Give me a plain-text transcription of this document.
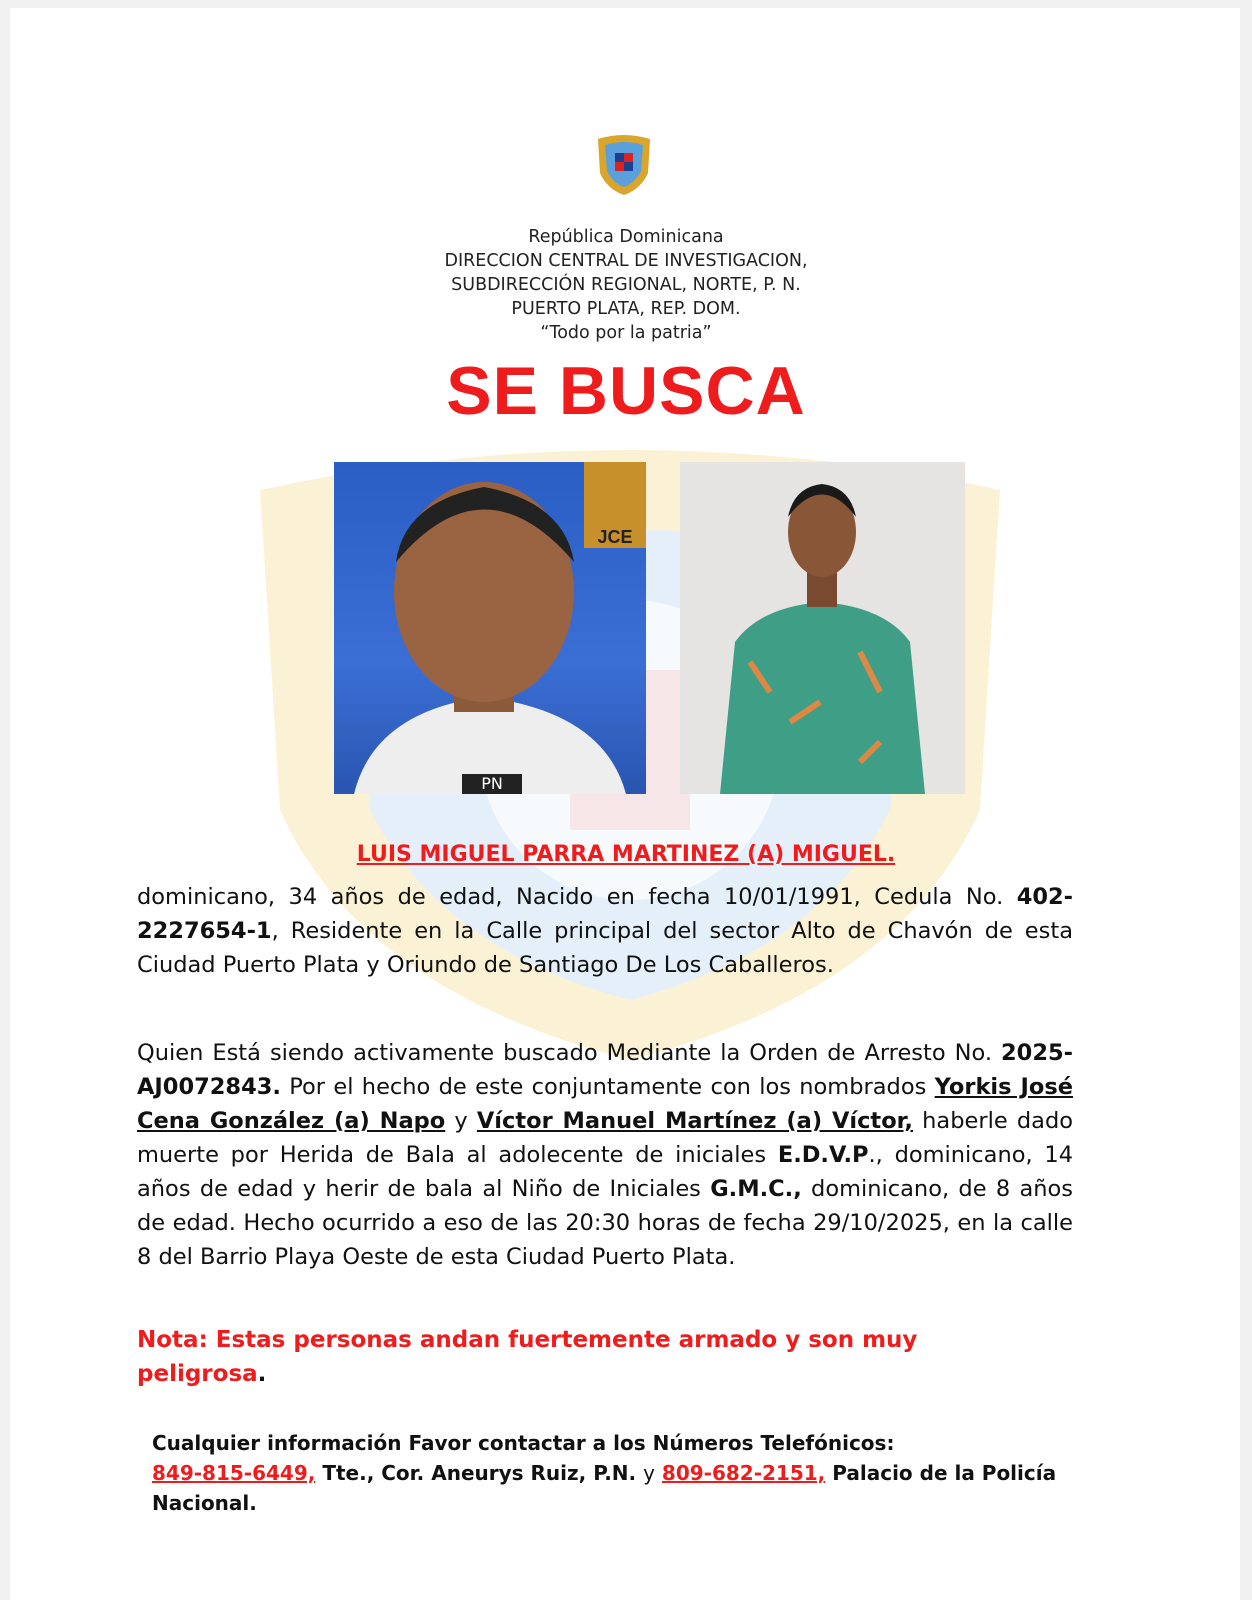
República Dominicana
DIRECCION CENTRAL DE INVESTIGACION,
SUBDIRECCIÓN REGIONAL, NORTE, P. N.
PUERTO PLATA, REP. DOM.
“Todo por la patria”
SE BUSCA
JCE
PN
LUIS MIGUEL PARRA MARTINEZ (A) MIGUEL.
dominicano, 34 años de edad, Nacido en fecha 10/01/1991, Cedula No. 402-2227654-1, Residente en la Calle principal del sector Alto de Chavón de esta Ciudad Puerto Plata y Oriundo de Santiago De Los Caballeros.
Quien Está siendo activamente buscado Mediante la Orden de Arresto No. 2025-AJ0072843. Por el hecho de este conjuntamente con los nombrados Yorkis José Cena González (a) Napo y Víctor Manuel Martínez (a) Víctor, haberle dado muerte por Herida de Bala al adolecente de iniciales E.D.V.P., dominicano, 14 años de edad y herir de bala al Niño de Iniciales G.M.C., dominicano, de 8 años de edad. Hecho ocurrido a eso de las 20:30 horas de fecha 29/10/2025, en la calle 8 del Barrio Playa Oeste de esta Ciudad Puerto Plata.
Nota: Estas personas andan fuertemente armado y son muy peligrosa.
Cualquier información Favor contactar a los Números Telefónicos:
849-815-6449, Tte., Cor. Aneurys Ruiz, P.N. y 809-682-2151, Palacio de la Policía Nacional.
